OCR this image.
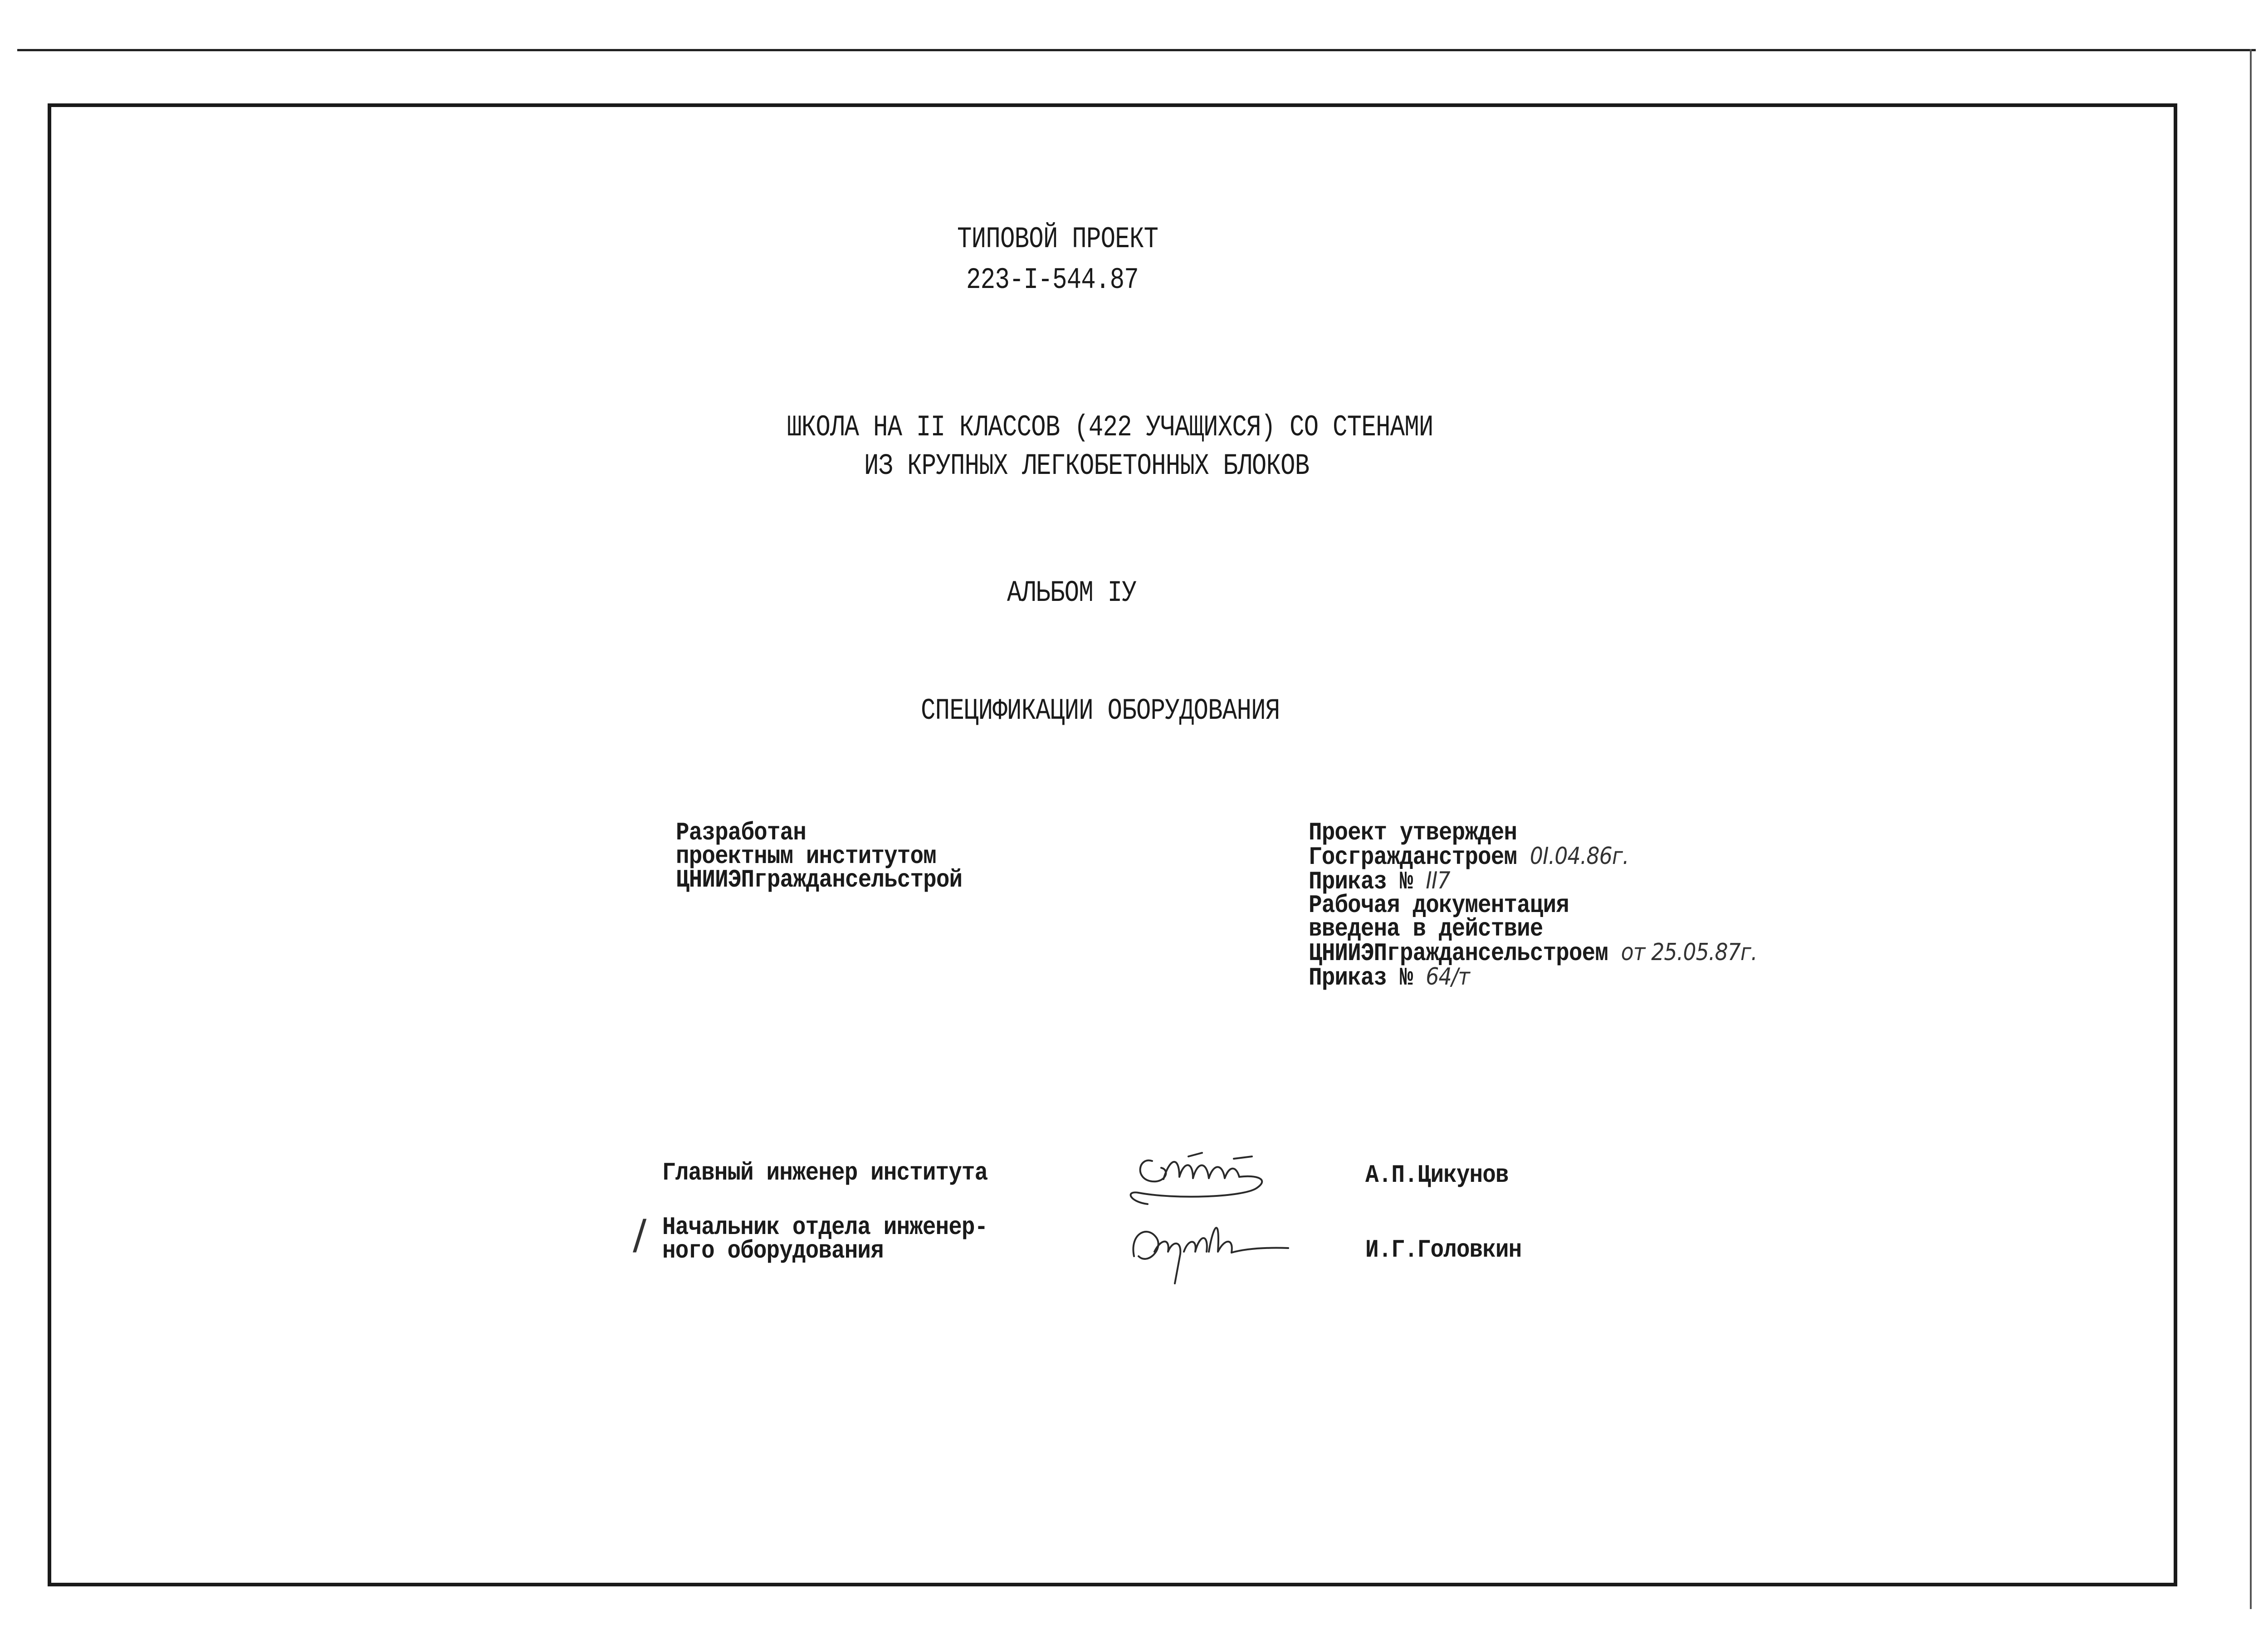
ТИПОВОЙ ПРОЕКТ
223-I-544.87
ШКОЛА НА II КЛАССОВ (422 УЧАЩИХСЯ) СО СТЕНАМИ
ИЗ КРУПНЫХ ЛЕГКОБЕТОННЫХ БЛОКОВ
АЛЬБОМ IУ
СПЕЦИФИКАЦИИ ОБОРУДОВАНИЯ
Разработан
проектным институтом
ЦНИИЭПграждансельстрой
Проект утвержден
Госгражданстроем 0I.04.86г.
Приказ № II7
Рабочая документация
введена в действие
ЦНИИЭПграждансельстроем от 25.05.87г.
Приказ № 64/т
Главный инженер института	А.П.Цикунов
/ Начальник отдела инженер-
ного оборудования	И.Г.Головкин
